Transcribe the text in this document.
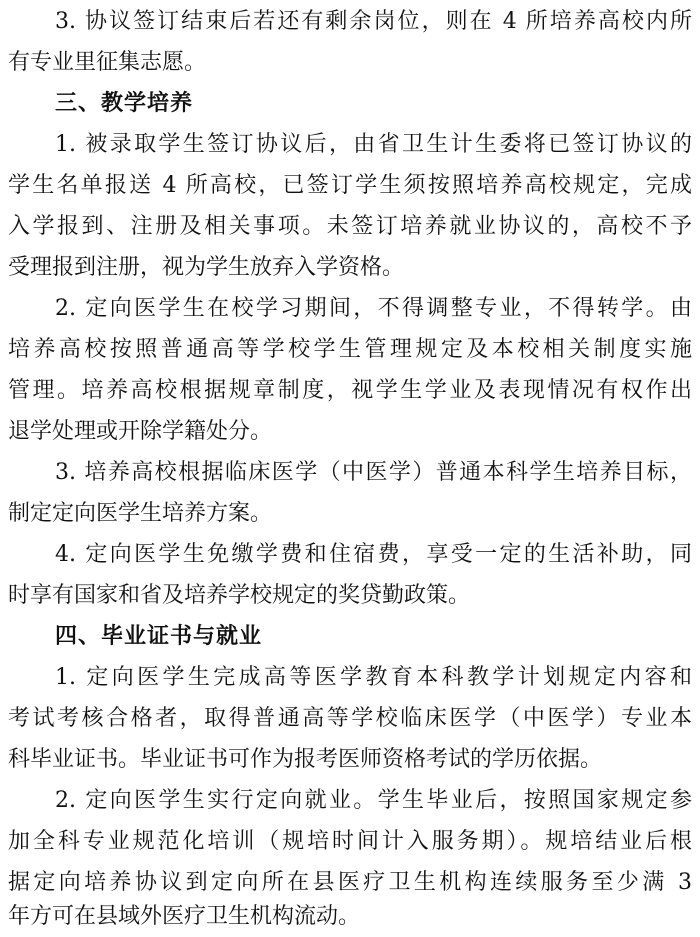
3. 协议签订结束后若还有剩余岗位，则在 4 所培养高校内所
有专业里征集志愿。
三、教学培养
1. 被录取学生签订协议后，由省卫生计生委将已签订协议的
学生名单报送 4 所高校，已签订学生须按照培养高校规定，完成
入学报到、注册及相关事项。未签订培养就业协议的，高校不予
受理报到注册，视为学生放弃入学资格。
2. 定向医学生在校学习期间，不得调整专业，不得转学。由
培养高校按照普通高等学校学生管理规定及本校相关制度实施
管理。培养高校根据规章制度，视学生学业及表现情况有权作出
退学处理或开除学籍处分。
3. 培养高校根据临床医学（中医学）普通本科学生培养目标，
制定定向医学生培养方案。
4. 定向医学生免缴学费和住宿费，享受一定的生活补助，同
时享有国家和省及培养学校规定的奖贷勤政策。
四、毕业证书与就业
1. 定向医学生完成高等医学教育本科教学计划规定内容和
考试考核合格者，取得普通高等学校临床医学（中医学）专业本
科毕业证书。毕业证书可作为报考医师资格考试的学历依据。
2. 定向医学生实行定向就业。学生毕业后，按照国家规定参
加全科专业规范化培训（规培时间计入服务期）。规培结业后根
据定向培养协议到定向所在县医疗卫生机构连续服务至少满 3
年方可在县域外医疗卫生机构流动。
